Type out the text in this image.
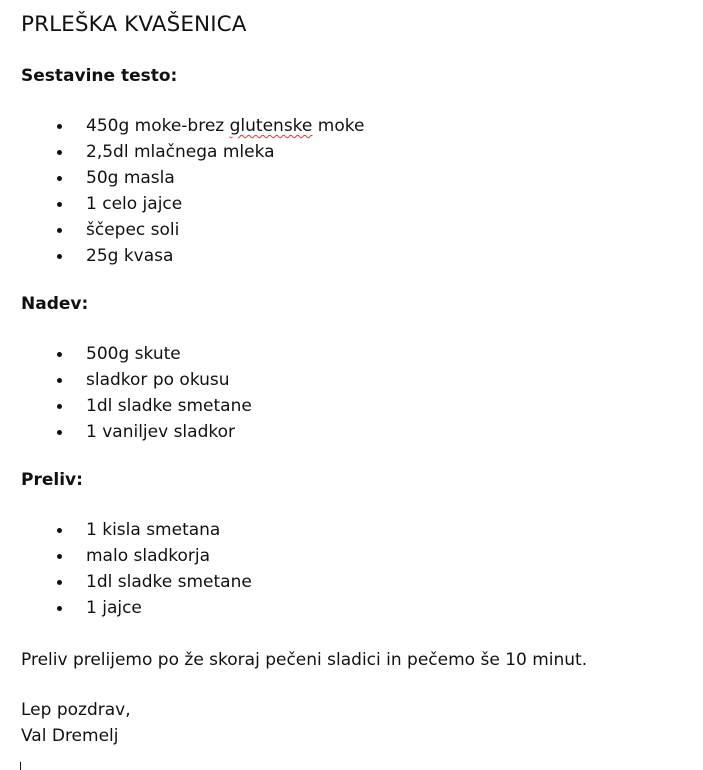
PRLEŠKA KVAŠENICA
Sestavine testo:
450g moke-brez glutenske moke
2,5dl mlačnega mleka
50g masla
1 celo jajce
ščepec soli
25g kvasa
Nadev:
500g skute
sladkor po okusu
1dl sladke smetane
1 vaniljev sladkor
Preliv:
1 kisla smetana
malo sladkorja
1dl sladke smetane
1 jajce

Preliv prelijemo po že skoraj pečeni sladici in pečemo še 10 minut.

Lep pozdrav,

Val Dremelj
